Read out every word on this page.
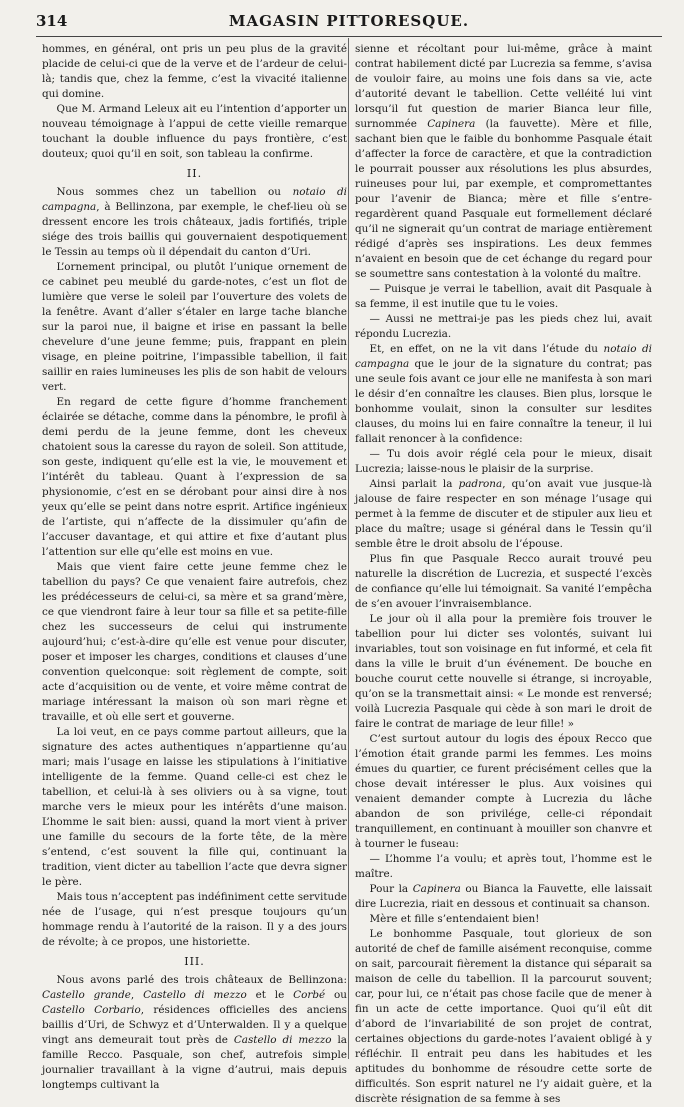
314	MAGASIN PITTORESQUE.

hommes, en général, ont pris un peu plus de la gravité placide de celui-ci que de la verve et de l’ardeur de celui-là; tandis que, chez la femme, c’est la vivacité italienne qui domine.

Que M. Armand Leleux ait eu l’intention d’apporter un nouveau témoignage à l’appui de cette vieille remarque touchant la double influence du pays frontière, c’est douteux; quoi qu’il en soit, son tableau la confirme.

II.

Nous sommes chez un tabellion ou notaio di campagna, à Bellinzona, par exemple, le chef-lieu où se dressent encore les trois châteaux, jadis fortifiés, triple siége des trois baillis qui gouvernaient despotiquement le Tessin au temps où il dépendait du canton d’Uri.

L’ornement principal, ou plutôt l’unique ornement de ce cabinet peu meublé du garde-notes, c’est un flot de lumière que verse le soleil par l’ouverture des volets de la fenêtre. Avant d’aller s’étaler en large tache blanche sur la paroi nue, il baigne et irise en passant la belle chevelure d’une jeune femme; puis, frappant en plein visage, en pleine poitrine, l’impassible tabellion, il fait saillir en raies lumineuses les plis de son habit de velours vert.

En regard de cette figure d’homme franchement éclairée se détache, comme dans la pénombre, le profil à demi perdu de la jeune femme, dont les cheveux chatoient sous la caresse du rayon de soleil. Son attitude, son geste, indiquent qu’elle est la vie, le mouvement et l’intérêt du tableau. Quant à l’expression de sa physionomie, c’est en se dérobant pour ainsi dire à nos yeux qu’elle se peint dans notre esprit. Artifice ingénieux de l’artiste, qui n’affecte de la dissimuler qu’afin de l’accuser davantage, et qui attire et fixe d’autant plus l’attention sur elle qu’elle est moins en vue.

Mais que vient faire cette jeune femme chez le tabellion du pays? Ce que venaient faire autrefois, chez les prédécesseurs de celui-ci, sa mère et sa grand’mère, ce que viendront faire à leur tour sa fille et sa petite-fille chez les successeurs de celui qui instrumente aujourd’hui; c’est-à-dire qu’elle est venue pour discuter, poser et imposer les charges, conditions et clauses d’une convention quelconque: soit règlement de compte, soit acte d’acquisition ou de vente, et voire même contrat de mariage intéressant la maison où son mari règne et travaille, et où elle sert et gouverne.

La loi veut, en ce pays comme partout ailleurs, que la signature des actes authentiques n’appartienne qu’au mari; mais l’usage en laisse les stipulations à l’initiative intelligente de la femme. Quand celle-ci est chez le tabellion, et celui-là à ses oliviers ou à sa vigne, tout marche vers le mieux pour les intérêts d’une maison. L’homme le sait bien: aussi, quand la mort vient à priver une famille du secours de la forte tête, de la mère s’entend, c’est souvent la fille qui, continuant la tradition, vient dicter au tabellion l’acte que devra signer le père.

Mais tous n’acceptent pas indéfiniment cette servitude née de l’usage, qui n’est presque toujours qu’un hommage rendu à l’autorité de la raison. Il y a des jours de révolte; à ce propos, une historiette.

III.

Nous avons parlé des trois châteaux de Bellinzona: Castello grande, Castello di mezzo et le Corbé ou Castello Corbario, résidences officielles des anciens baillis d’Uri, de Schwyz et d’Unterwalden. Il y a quelque vingt ans demeurait tout près de Castello di mezzo la famille Recco. Pasquale, son chef, autrefois simple journalier travaillant à la vigne d’autrui, mais depuis longtemps cultivant la

sienne et récoltant pour lui-même, grâce à maint contrat habilement dicté par Lucrezia sa femme, s’avisa de vouloir faire, au moins une fois dans sa vie, acte d’autorité devant le tabellion. Cette velléité lui vint lorsqu’il fut question de marier Bianca leur fille, surnommée Capinera (la fauvette). Mère et fille, sachant bien que le faible du bonhomme Pasquale était d’affecter la force de caractère, et que la contradiction le pourrait pousser aux résolutions les plus absurdes, ruineuses pour lui, par exemple, et compromettantes pour l’avenir de Bianca; mère et fille s’entre-regardèrent quand Pasquale eut formellement déclaré qu’il ne signerait qu’un contrat de mariage entièrement rédigé d’après ses inspirations. Les deux femmes n’avaient en besoin que de cet échange du regard pour se soumettre sans contestation à la volonté du maître.

— Puisque je verrai le tabellion, avait dit Pasquale à sa femme, il est inutile que tu le voies.

— Aussi ne mettrai-je pas les pieds chez lui, avait répondu Lucrezia.

Et, en effet, on ne la vit dans l’étude du notaio di campagna que le jour de la signature du contrat; pas une seule fois avant ce jour elle ne manifesta à son mari le désir d’en connaître les clauses. Bien plus, lorsque le bonhomme voulait, sinon la consulter sur lesdites clauses, du moins lui en faire connaître la teneur, il lui fallait renoncer à la confidence:

— Tu dois avoir réglé cela pour le mieux, disait Lucrezia; laisse-nous le plaisir de la surprise.

Ainsi parlait la padrona, qu’on avait vue jusque-là jalouse de faire respecter en son ménage l’usage qui permet à la femme de discuter et de stipuler aux lieu et place du maître; usage si général dans le Tessin qu’il semble être le droit absolu de l’épouse.

Plus fin que Pasquale Recco aurait trouvé peu naturelle la discrétion de Lucrezia, et suspecté l’excès de confiance qu’elle lui témoignait. Sa vanité l’empêcha de s’en avouer l’invraisemblance.

Le jour où il alla pour la première fois trouver le tabellion pour lui dicter ses volontés, suivant lui invariables, tout son voisinage en fut informé, et cela fit dans la ville le bruit d’un événement. De bouche en bouche courut cette nouvelle si étrange, si incroyable, qu’on se la transmettait ainsi: « Le monde est renversé; voilà Lucrezia Pasquale qui cède à son mari le droit de faire le contrat de mariage de leur fille! »

C’est surtout autour du logis des époux Recco que l’émotion était grande parmi les femmes. Les moins émues du quartier, ce furent précisément celles que la chose devait intéresser le plus. Aux voisines qui venaient demander compte à Lucrezia du lâche abandon de son privilége, celle-ci répondait tranquillement, en continuant à mouiller son chanvre et à tourner le fuseau:

— L’homme l’a voulu; et après tout, l’homme est le maître.

Pour la Capinera ou Bianca la Fauvette, elle laissait dire Lucrezia, riait en dessous et continuait sa chanson.

Mère et fille s’entendaient bien!

Le bonhomme Pasquale, tout glorieux de son autorité de chef de famille aisément reconquise, comme on sait, parcourait fièrement la distance qui séparait sa maison de celle du tabellion. Il la parcourut souvent; car, pour lui, ce n’était pas chose facile que de mener à fin un acte de cette importance. Quoi qu’il eût dit d’abord de l’invariabilité de son projet de contrat, certaines objections du garde-notes l’avaient obligé à y réfléchir. Il entrait peu dans les habitudes et les aptitudes du bonhomme de résoudre cette sorte de difficultés. Son esprit naturel ne l’y aidait guère, et la discrète résignation de sa femme à ses
